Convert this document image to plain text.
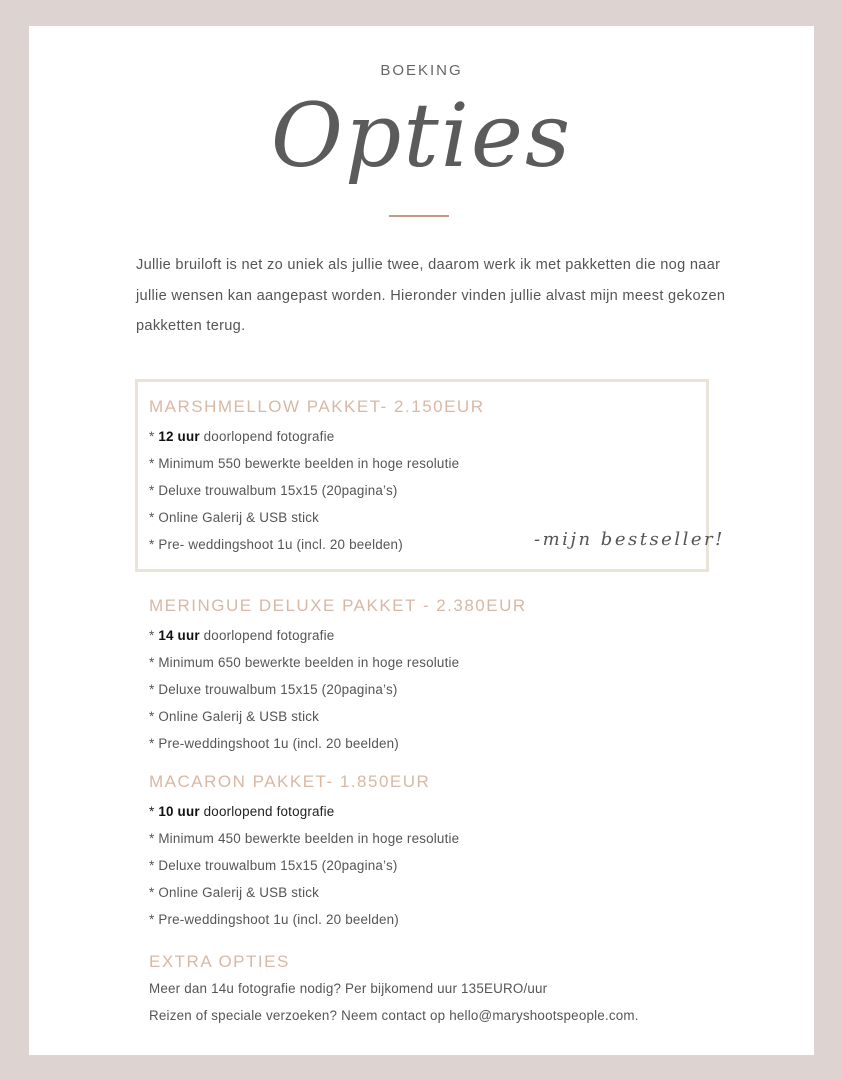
BOEKING
Opties
Jullie bruiloft is net zo uniek als jullie twee, daarom werk ik met pakketten die nog naar jullie wensen kan aangepast worden. Hieronder vinden jullie alvast mijn meest gekozen pakketten terug.
MARSHMELLOW PAKKET- 2.150EUR
* 12 uur doorlopend fotografie
* Minimum 550 bewerkte beelden in hoge resolutie
* Deluxe trouwalbum 15x15 (20pagina’s)
* Online Galerij & USB stick
* Pre- weddingshoot 1u (incl. 20 beelden)	-mijn bestseller!
MERINGUE DELUXE PAKKET - 2.380EUR
* 14 uur doorlopend fotografie
* Minimum 650 bewerkte beelden in hoge resolutie
* Deluxe trouwalbum 15x15 (20pagina’s)
* Online Galerij & USB stick
* Pre-weddingshoot 1u (incl. 20 beelden)
MACARON PAKKET- 1.850EUR
* 10 uur doorlopend fotografie
* Minimum 450 bewerkte beelden in hoge resolutie
* Deluxe trouwalbum 15x15 (20pagina’s)
* Online Galerij & USB stick
* Pre-weddingshoot 1u (incl. 20 beelden)
EXTRA OPTIES

Meer dan 14u fotografie nodig? Per bijkomend uur 135EURO/uur

Reizen of speciale verzoeken? Neem contact op hello@maryshootspeople.com.
